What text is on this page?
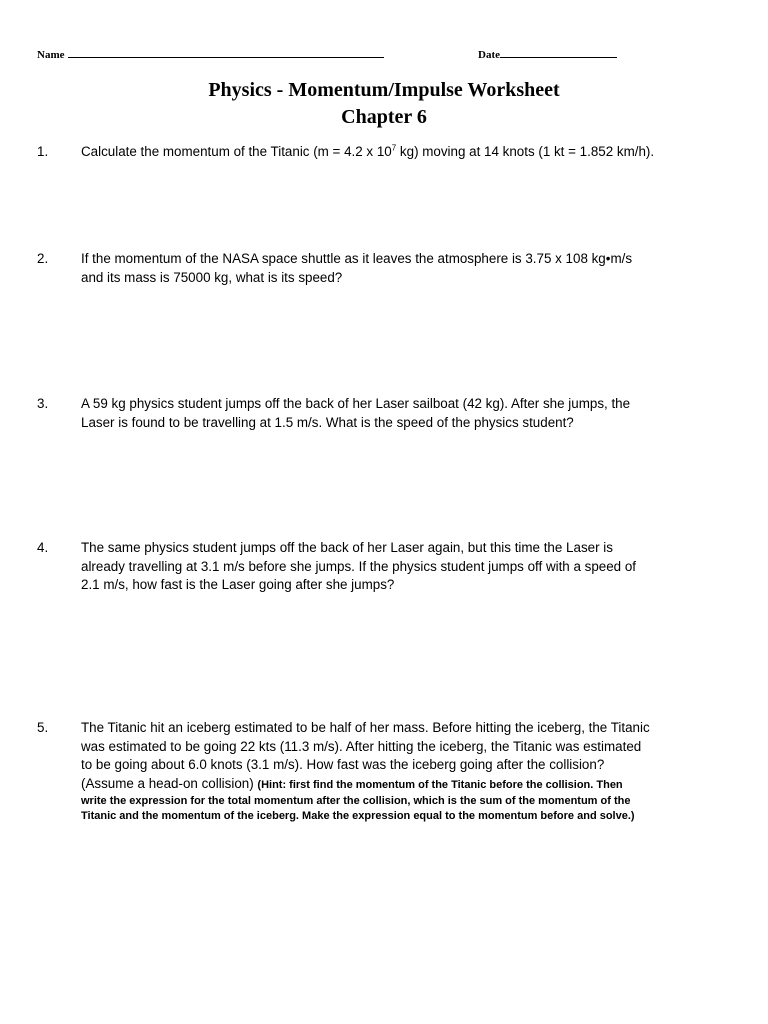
Name	Date
Physics - Momentum/Impulse Worksheet
Chapter 6
1. Calculate the momentum of the Titanic (m = 4.2 x $10^7$ kg) moving at 14 knots (1 kt = 1.852 km/h).
2. If the momentum of the NASA space shuttle as it leaves the atmosphere is 3.75 x 108 kg•m/s
and its mass is 75000 kg, what is its speed?
3. A 59 kg physics student jumps off the back of her Laser sailboat (42 kg). After she jumps, the
Laser is found to be travelling at 1.5 m/s. What is the speed of the physics student?
4. The same physics student jumps off the back of her Laser again, but this time the Laser is
already travelling at 3.1 m/s before she jumps. If the physics student jumps off with a speed of
2.1 m/s, how fast is the Laser going after she jumps?
5. The Titanic hit an iceberg estimated to be half of her mass. Before hitting the iceberg, the Titanic
was estimated to be going 22 kts (11.3 m/s). After hitting the iceberg, the Titanic was estimated
to be going about 6.0 knots (3.1 m/s). How fast was the iceberg going after the collision?
(Assume a head-on collision) (Hint: first find the momentum of the Titanic before the collision. Then
write the expression for the total momentum after the collision, which is the sum of the momentum of the
Titanic and the momentum of the iceberg. Make the expression equal to the momentum before and solve.)
